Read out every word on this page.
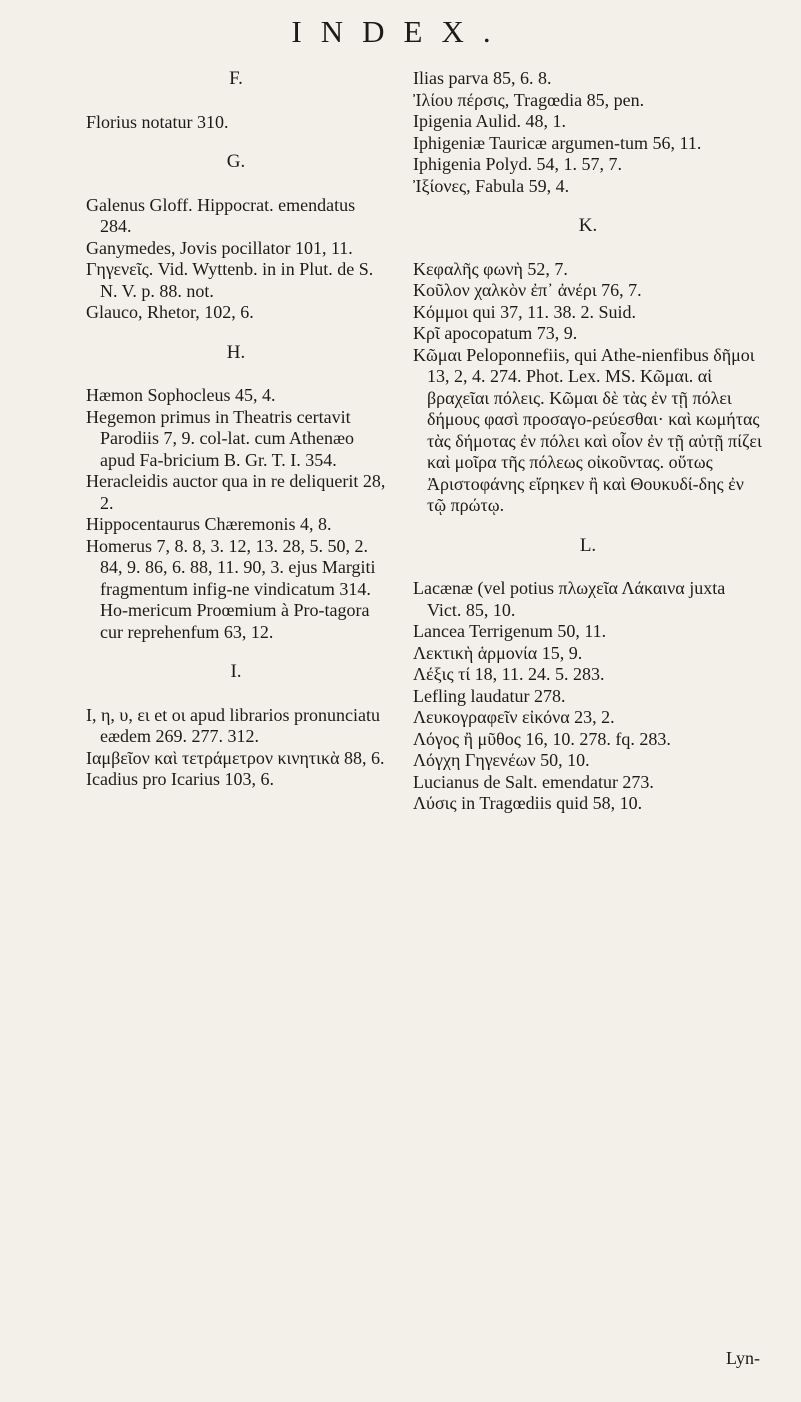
INDEX.
F.
Florius notatur 310.
G.
Galenus Gloff. Hippocrat. emendatus 284.
Ganymedes, Jovis pocillator 101, 11.
Γηγενεῖς. Vid. Wyttenb. in in Plut. de S. N. V. p. 88. not.
Glauco, Rhetor, 102, 6.
H.
Hæmon Sophocleus 45, 4.
Hegemon primus in Theatris certavit Parodiis 7, 9. col-lat. cum Athenæo apud Fa-bricium B. Gr. T. I. 354.
Heracleidis auctor qua in re deliquerit 28, 2.
Hippocentaurus Chæremonis 4, 8.
Homerus 7, 8. 8, 3. 12, 13. 28, 5. 50, 2. 84, 9. 86, 6. 88, 11. 90, 3. ejus Margiti fragmentum infig-ne vindicatum 314. Ho-mericum Proœmium à Pro-tagora cur reprehenfum 63, 12.
I.
I, η, υ, ει et οι apud librarios pronunciatu eædem 269. 277. 312.
Ιαμβεῖον καὶ τετράμετρον κινητικὰ 88, 6.
Icadius pro Icarius 103, 6.
Ilias parva 85, 6. 8.
Ἰλίου πέρσις, Tragœdia 85, pen.
Ipigenia Aulid. 48, 1.
Iphigeniæ Tauricæ argumen-tum 56, 11.
Iphigenia Polyd. 54, 1. 57, 7.
Ἰξίονες, Fabula 59, 4.
K.
Κεφαλῆς φωνὴ 52, 7.
Κοῦλον χαλκὸν ἐπ᾽ ἀνέρι 76, 7.
Κόμμοι qui 37, 11. 38. 2. Suid.
Κρῖ apocopatum 73, 9.
Κῶμαι Peloponnefiis, qui Athe-nienfibus δῆμοι 13, 2, 4. 274. Phot. Lex. MS. Κῶμαι. αἱ βραχεῖαι πόλεις. Κῶμαι δὲ τὰς ἐν τῇ πόλει δήμους φασὶ προσαγο-ρεύεσθαι· καὶ κωμήτας τὰς δήμοτας ἐν πόλει καὶ οἷον ἐν τῇ αὐτῇ πίζει καὶ μοῖρα τῆς πόλεως οἰκοῦντας. οὕτως Ἀριστοφάνης εἴρηκεν ἢ καὶ Θουκυδί-δης ἐν τῷ πρώτῳ.
L.
Lacænæ (vel potius πλωχεῖα Λάκαινα juxta Vict. 85, 10.
Lancea Terrigenum 50, 11.
Λεκτικὴ ἁρμονία 15, 9.
Λέξις τί 18, 11. 24. 5. 283.
Lefling laudatur 278.
Λευκογραφεῖν εἰκόνα 23, 2.
Λόγος ἢ μῦθος 16, 10. 278. fq. 283.
Λόγχη Γηγενέων 50, 10.
Lucianus de Salt. emendatur 273.
Λύσις in Tragœdiis quid 58, 10.
Lyn-
